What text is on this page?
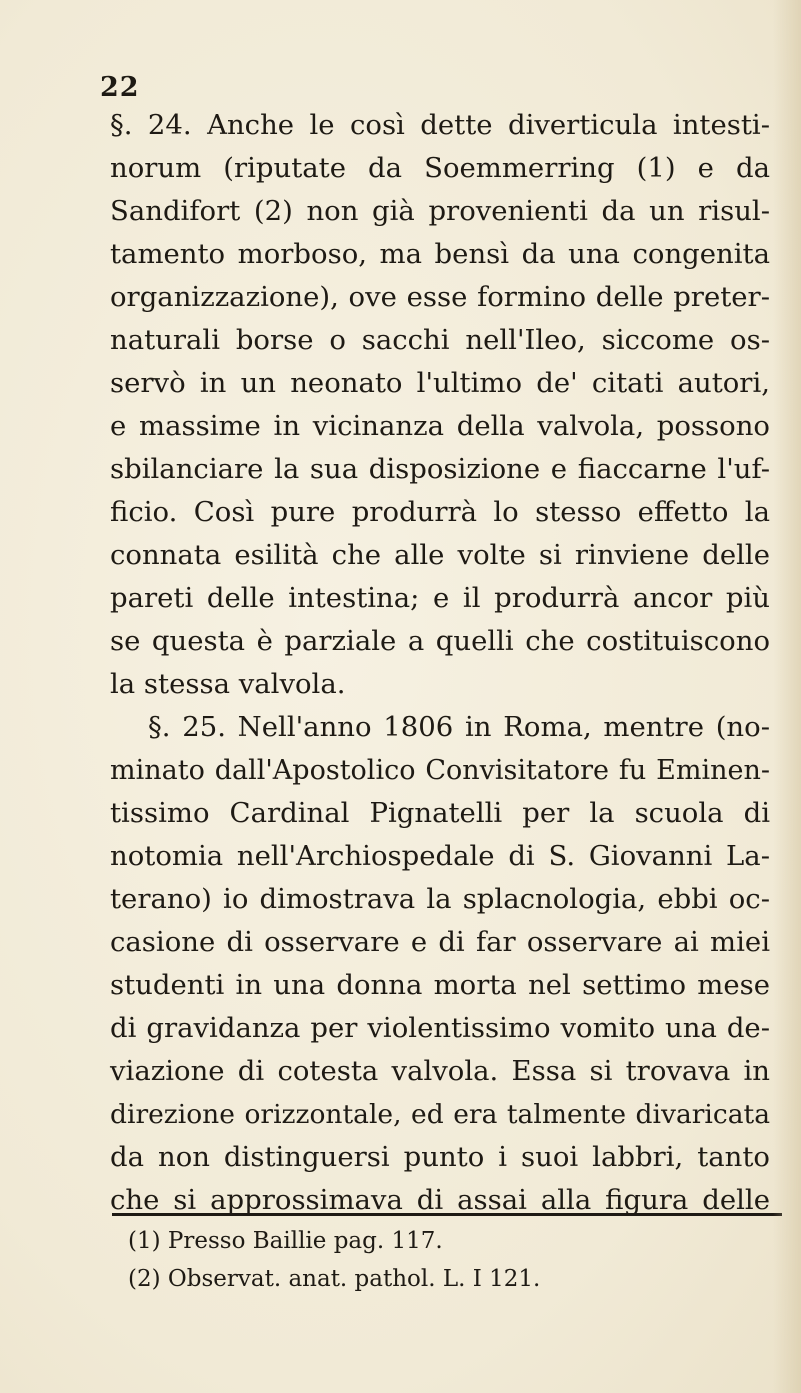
22
§. 24. Anche le così dette diverticula intesti-
norum (riputate da Soemmerring (1) e da
Sandifort (2) non già provenienti da un risul-
tamento morboso, ma bensì da una congenita
organizzazione), ove esse formino delle preter-
naturali borse o sacchi nell'Ileo, siccome os-
servò in un neonato l'ultimo de' citati autori,
e massime in vicinanza della valvola, possono
sbilanciare la sua disposizione e fiaccarne l'uf-
ficio. Così pure produrrà lo stesso effetto la
connata esilità che alle volte si rinviene delle
pareti delle intestina; e il produrrà ancor più
se questa è parziale a quelli che costituiscono
la stessa valvola.
§. 25. Nell'anno 1806 in Roma, mentre (no-
minato dall'Apostolico Convisitatore fu Eminen-
tissimo Cardinal Pignatelli per la scuola di
notomia nell'Archiospedale di S. Giovanni La-
terano) io dimostrava la splacnologia, ebbi oc-
casione di osservare e di far osservare ai miei
studenti in una donna morta nel settimo mese
di gravidanza per violentissimo vomito una de-
viazione di cotesta valvola. Essa si trovava in
direzione orizzontale, ed era talmente divaricata
da non distinguersi punto i suoi labbri, tanto
che si approssimava di assai alla figura delle
(1) Presso Baillie pag. 117.
(2) Observat. anat. pathol. L. I 121.
